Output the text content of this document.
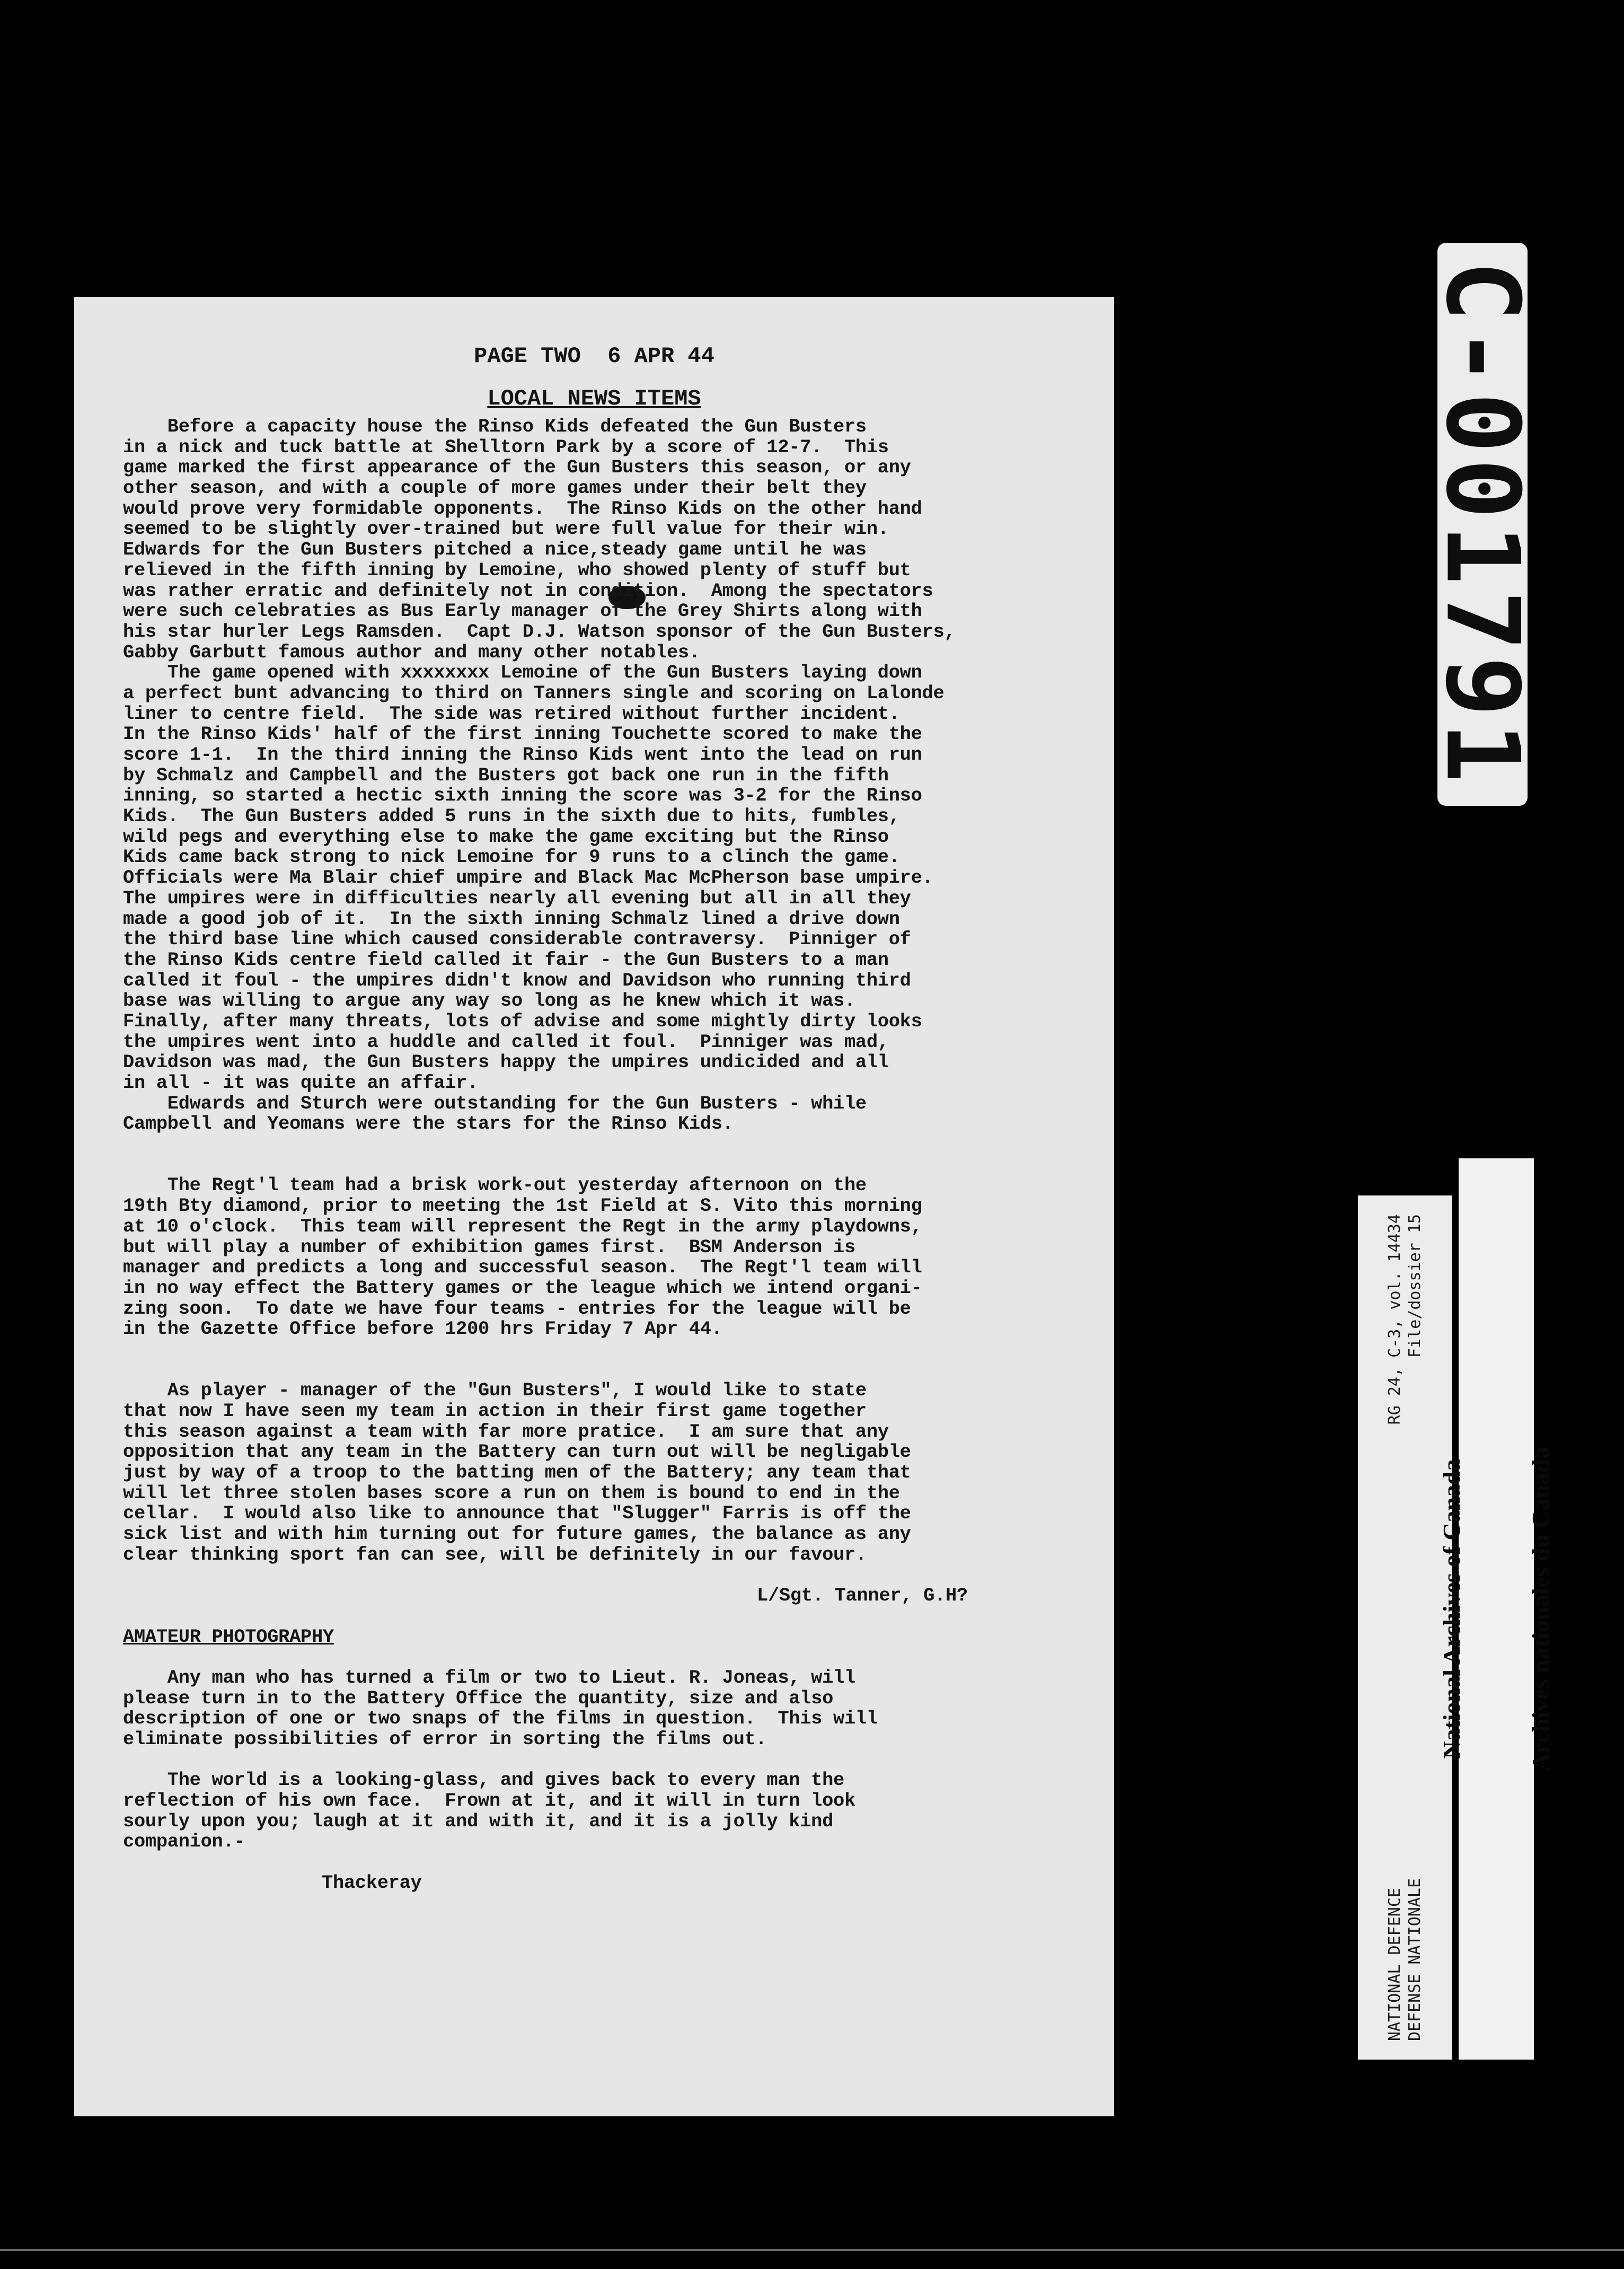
PAGE TWO  6 APR 44
LOCAL NEWS ITEMS
Before a capacity house the Rinso Kids defeated the Gun Busters
in a nick and tuck battle at Shelltorn Park by a score of 12-7.  This
game marked the first appearance of the Gun Busters this season, or any
other season, and with a couple of more games under their belt they
would prove very formidable opponents.  The Rinso Kids on the other hand
seemed to be slightly over-trained but were full value for their win.
Edwards for the Gun Busters pitched a nice,steady game until he was
relieved in the fifth inning by Lemoine, who showed plenty of stuff but
was rather erratic and definitely not in condition.  Among the spectators
were such celebraties as Bus Early manager of the Grey Shirts along with
his star hurler Legs Ramsden.  Capt D.J. Watson sponsor of the Gun Busters,
Gabby Garbutt famous author and many other notables.
The game opened with xxxxxxxx Lemoine of the Gun Busters laying down
a perfect bunt advancing to third on Tanners single and scoring on Lalonde
liner to centre field.  The side was retired without further incident.
In the Rinso Kids' half of the first inning Touchette scored to make the
score 1-1.  In the third inning the Rinso Kids went into the lead on run
by Schmalz and Campbell and the Busters got back one run in the fifth
inning, so started a hectic sixth inning the score was 3-2 for the Rinso
Kids.  The Gun Busters added 5 runs in the sixth due to hits, fumbles,
wild pegs and everything else to make the game exciting but the Rinso
Kids came back strong to nick Lemoine for 9 runs to a clinch the game.
Officials were Ma Blair chief umpire and Black Mac McPherson base umpire.
The umpires were in difficulties nearly all evening but all in all they
made a good job of it.  In the sixth inning Schmalz lined a drive down
the third base line which caused considerable contraversy.  Pinniger of
the Rinso Kids centre field called it fair - the Gun Busters to a man
called it foul - the umpires didn't know and Davidson who running third
base was willing to argue any way so long as he knew which it was.
Finally, after many threats, lots of advise and some mightly dirty looks
the umpires went into a huddle and called it foul.  Pinniger was mad,
Davidson was mad, the Gun Busters happy the umpires undicided and all
in all - it was quite an affair.
Edwards and Sturch were outstanding for the Gun Busters - while
Campbell and Yeomans were the stars for the Rinso Kids.
The Regt'l team had a brisk work-out yesterday afternoon on the
19th Bty diamond, prior to meeting the 1st Field at S. Vito this morning
at 10 o'clock.  This team will represent the Regt in the army playdowns,
but will play a number of exhibition games first.  BSM Anderson is
manager and predicts a long and successful season.  The Regt'l team will
in no way effect the Battery games or the league which we intend organi-
zing soon.  To date we have four teams - entries for the league will be
in the Gazette Office before 1200 hrs Friday 7 Apr 44.
As player - manager of the "Gun Busters", I would like to state
that now I have seen my team in action in their first game together
this season against a team with far more pratice.  I am sure that any
opposition that any team in the Battery can turn out will be negligable
just by way of a troop to the batting men of the Battery; any team that
will let three stolen bases score a run on them is bound to end in the
cellar.  I would also like to announce that "Slugger" Farris is off the
sick list and with him turning out for future games, the balance as any
clear thinking sport fan can see, will be definitely in our favour.
L/Sgt. Tanner, G.H?
AMATEUR PHOTOGRAPHY
Any man who has turned a film or two to Lieut. R. Joneas, will
please turn in to the Battery Office the quantity, size and also
description of one or two snaps of the films in question.  This will
eliminate possibilities of error in sorting the films out.
The world is a looking-glass, and gives back to every man the
reflection of his own face.  Frown at it, and it will in turn look
sourly upon you; laugh at it and with it, and it is a jolly kind
companion.-
Thackeray
C-001791
NATIONAL DEFENCE
RG 24, C-3, vol. 14434
DEFENSE NATIONALE
File/dossier 15

National Archives of Canada

	Archives nationales du Canada
